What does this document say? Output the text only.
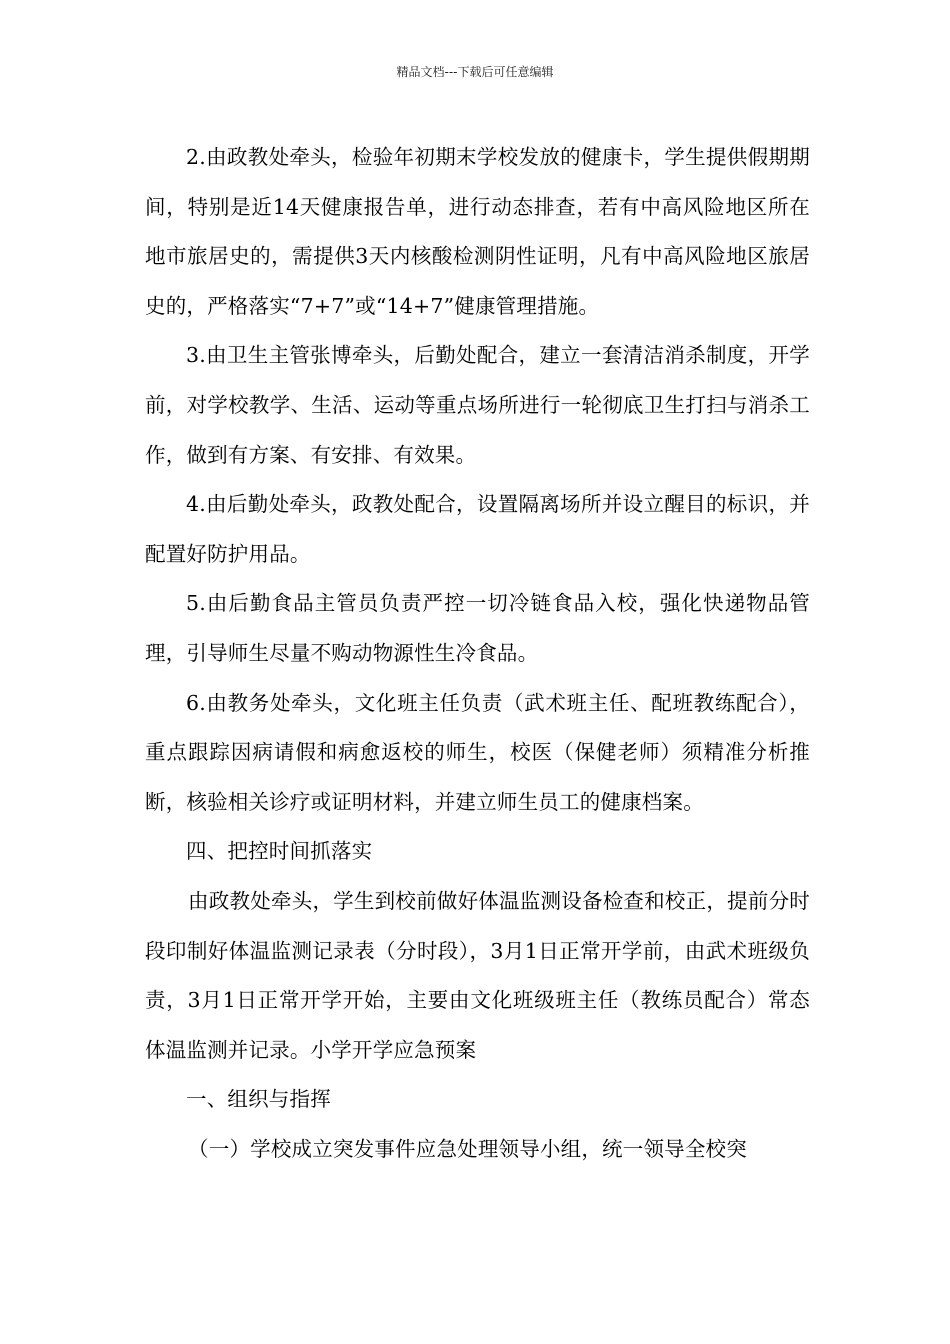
精品文档---下载后可任意编辑

2.由政教处牵头，检验年初期末学校发放的健康卡，学生提供假期期间，特别是近14天健康报告单，进行动态排查，若有中高风险地区所在地市旅居史的，需提供3天内核酸检测阴性证明，凡有中高风险地区旅居史的，严格落实“7+7”或“14+7”健康管理措施。

3.由卫生主管张博牵头，后勤处配合，建立一套清洁消杀制度，开学前，对学校教学、生活、运动等重点场所进行一轮彻底卫生打扫与消杀工作，做到有方案、有安排、有效果。

4.由后勤处牵头，政教处配合，设置隔离场所并设立醒目的标识，并配置好防护用品。

5.由后勤食品主管员负责严控一切冷链食品入校，强化快递物品管理，引导师生尽量不购动物源性生冷食品。

6.由教务处牵头，文化班主任负责（武术班主任、配班教练配合），重点跟踪因病请假和病愈返校的师生，校医（保健老师）须精准分析推断，核验相关诊疗或证明材料，并建立师生员工的健康档案。

四、把控时间抓落实

由政教处牵头，学生到校前做好体温监测设备检查和校正，提前分时段印制好体温监测记录表（分时段），3月1日正常开学前，由武术班级负责，3月1日正常开学开始，主要由文化班级班主任（教练员配合）常态体温监测并记录。小学开学应急预案

一、组织与指挥

（一）学校成立突发事件应急处理领导小组，统一领导全校突
